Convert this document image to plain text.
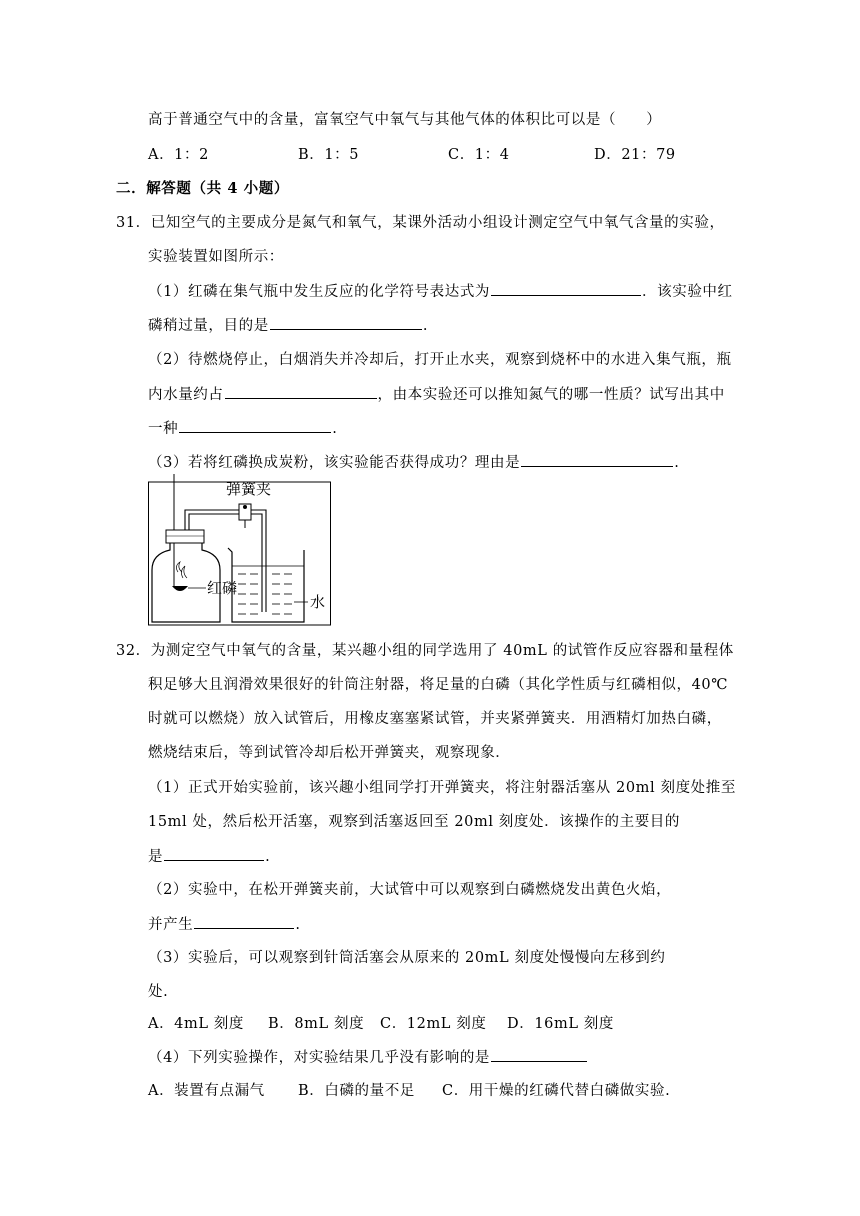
高于普通空气中的含量，富氧空气中氧气与其他气体的体积比可以是（　　）
A．1：2	B．1：5	C．1：4	D．21：79
二．解答题（共 4 小题）
31．已知空气的主要成分是氮气和氧气，某课外活动小组设计测定空气中氧气含量的实验，
实验装置如图所示：
（1）红磷在集气瓶中发生反应的化学符号表达式为	．该实验中红
磷稍过量，目的是	.
（2）待燃烧停止，白烟消失并冷却后，打开止水夹，观察到烧杯中的水进入集气瓶，瓶
内水量约占	，由本实验还可以推知氮气的哪一性质？试写出其中
一种	.
（3）若将红磷换成炭粉，该实验能否获得成功？理由是	.
弹簧夹
红磷
水
32．为测定空气中氧气的含量，某兴趣小组的同学选用了 40mL 的试管作反应容器和量程体
积足够大且润滑效果很好的针筒注射器，将足量的白磷（其化学性质与红磷相似，40℃
时就可以燃烧）放入试管后，用橡皮塞塞紧试管，并夹紧弹簧夹．用酒精灯加热白磷，
燃烧结束后，等到试管冷却后松开弹簧夹，观察现象．
（1）正式开始实验前，该兴趣小组同学打开弹簧夹，将注射器活塞从 20ml 刻度处推至
15ml 处，然后松开活塞，观察到活塞返回至 20ml 刻度处．该操作的主要目的
是	.
（2）实验中，在松开弹簧夹前，大试管中可以观察到白磷燃烧发出黄色火焰，
并产生	.
（3）实验后，可以观察到针筒活塞会从原来的 20mL 刻度处慢慢向左移到约
处.
A．4mL 刻度 B．8mL 刻度 C．12mL 刻度 D．16mL 刻度
（4）下列实验操作，对实验结果几乎没有影响的是
A．装置有点漏气 B．白磷的量不足 C．用干燥的红磷代替白磷做实验.
